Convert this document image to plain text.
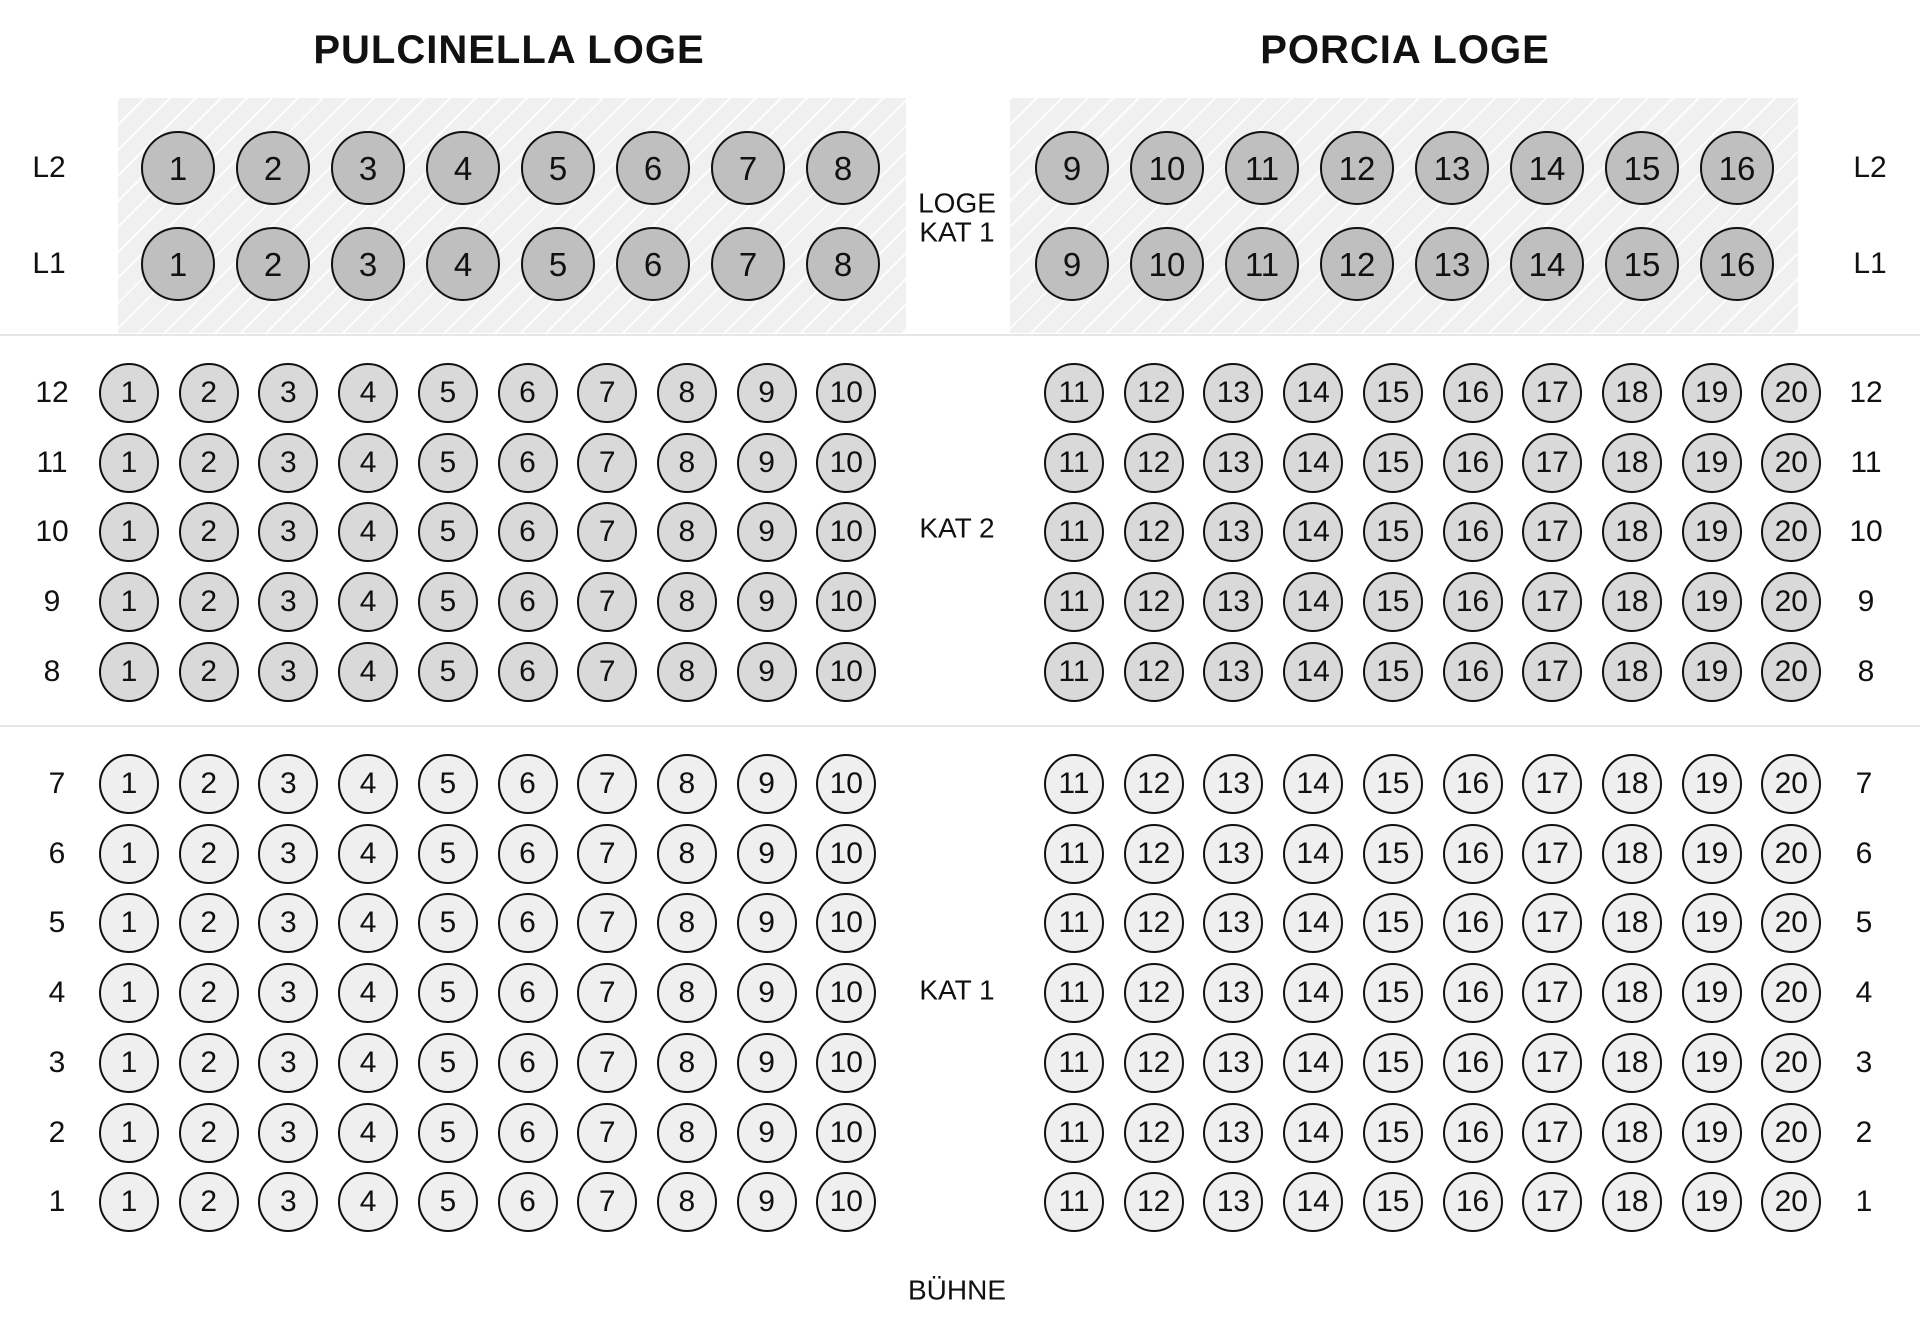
PULCINELLA LOGE	PORCIA LOGE
LOGE
KAT 1
KAT 2
KAT 1
BÜHNE
L2	L2
1	2	3	4	5	6	7	8	9	10	11	12	13	14	15	16
L1	L1
1	2	3	4	5	6	7	8	9	10	11	12	13	14	15	16
12	12
1	2	3	4	5	6	7	8	9	10	11	12	13	14	15	16	17	18	19	20
11	11
1	2	3	4	5	6	7	8	9	10	11	12	13	14	15	16	17	18	19	20
10	10
1	2	3	4	5	6	7	8	9	10	11	12	13	14	15	16	17	18	19	20
9	9
1	2	3	4	5	6	7	8	9	10	11	12	13	14	15	16	17	18	19	20
8	8
1	2	3	4	5	6	7	8	9	10	11	12	13	14	15	16	17	18	19	20
7	7
1	2	3	4	5	6	7	8	9	10	11	12	13	14	15	16	17	18	19	20
6	6
1	2	3	4	5	6	7	8	9	10	11	12	13	14	15	16	17	18	19	20
5	5
1	2	3	4	5	6	7	8	9	10	11	12	13	14	15	16	17	18	19	20
4	4
1	2	3	4	5	6	7	8	9	10	11	12	13	14	15	16	17	18	19	20
3	3
1	2	3	4	5	6	7	8	9	10	11	12	13	14	15	16	17	18	19	20
2	2
1	2	3	4	5	6	7	8	9	10	11	12	13	14	15	16	17	18	19	20
1	1
1	2	3	4	5	6	7	8	9	10	11	12	13	14	15	16	17	18	19	20
